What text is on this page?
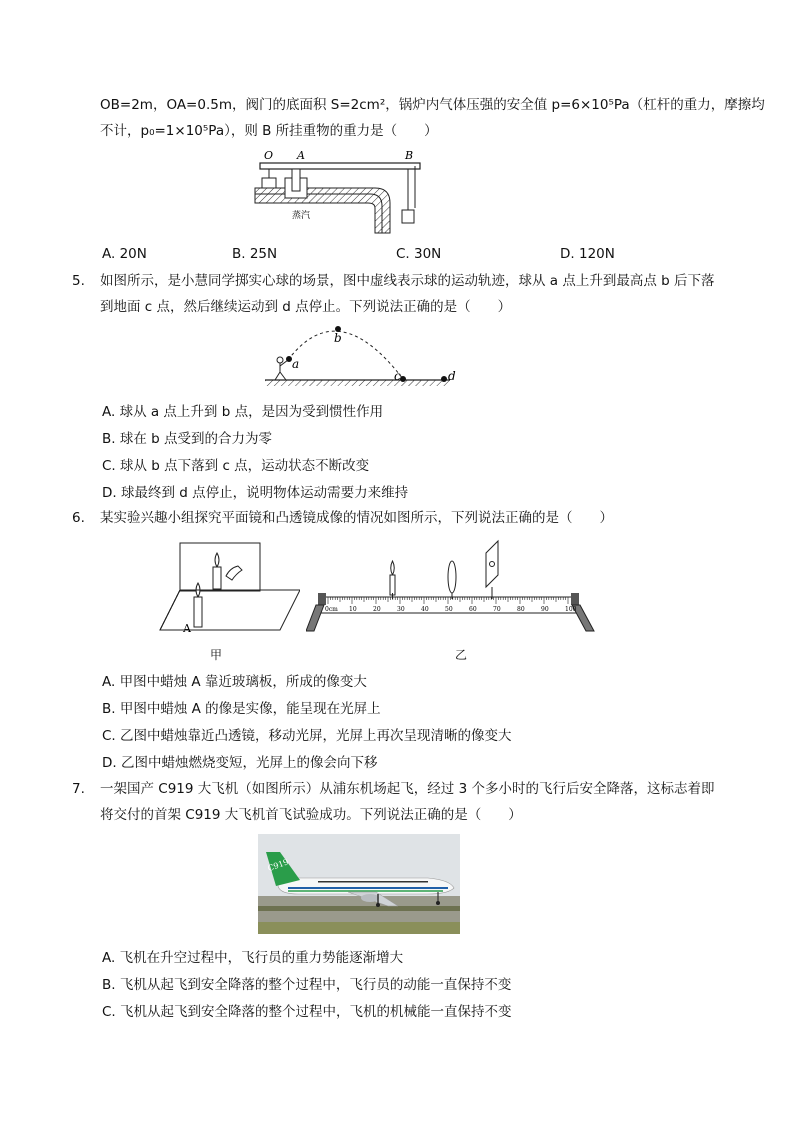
OB=2m，OA=0.5m，阀门的底面积 S=2cm²，锅炉内气体压强的安全值 p=6×10⁵Pa（杠杆的重力，摩擦均
不计，p₀=1×10⁵Pa），则 B 所挂重物的重力是（　　）
O A	B
蒸汽
A. 20N	B. 25N	C. 30N	D. 120N
5. 如图所示，是小慧同学掷实心球的场景，图中虚线表示球的运动轨迹，球从 a 点上升到最高点 b 后下落
到地面 c 点，然后继续运动到 d 点停止。下列说法正确的是（　　）
a
b
c	d
A. 球从 a 点上升到 b 点，是因为受到惯性作用
B. 球在 b 点受到的合力为零
C. 球从 b 点下落到 c 点，运动状态不断改变
D. 球最终到 d 点停止，说明物体运动需要力来维持
6. 某实验兴趣小组探究平面镜和凸透镜成像的情况如图所示，下列说法正确的是（　　）
A
甲
0cm 10	20	30	40	50	60	70	80	90	100
乙
A. 甲图中蜡烛 A 靠近玻璃板，所成的像变大
B. 甲图中蜡烛 A 的像是实像，能呈现在光屏上
C. 乙图中蜡烛靠近凸透镜，移动光屏，光屏上再次呈现清晰的像变大
D. 乙图中蜡烛燃烧变短，光屏上的像会向下移
7. 一架国产 C919 大飞机（如图所示）从浦东机场起飞，经过 3 个多小时的飞行后安全降落，这标志着即
将交付的首架 C919 大飞机首飞试验成功。下列说法正确的是（　　）
C919
A. 飞机在升空过程中，飞行员的重力势能逐渐增大
B. 飞机从起飞到安全降落的整个过程中，飞行员的动能一直保持不变
C. 飞机从起飞到安全降落的整个过程中，飞机的机械能一直保持不变
